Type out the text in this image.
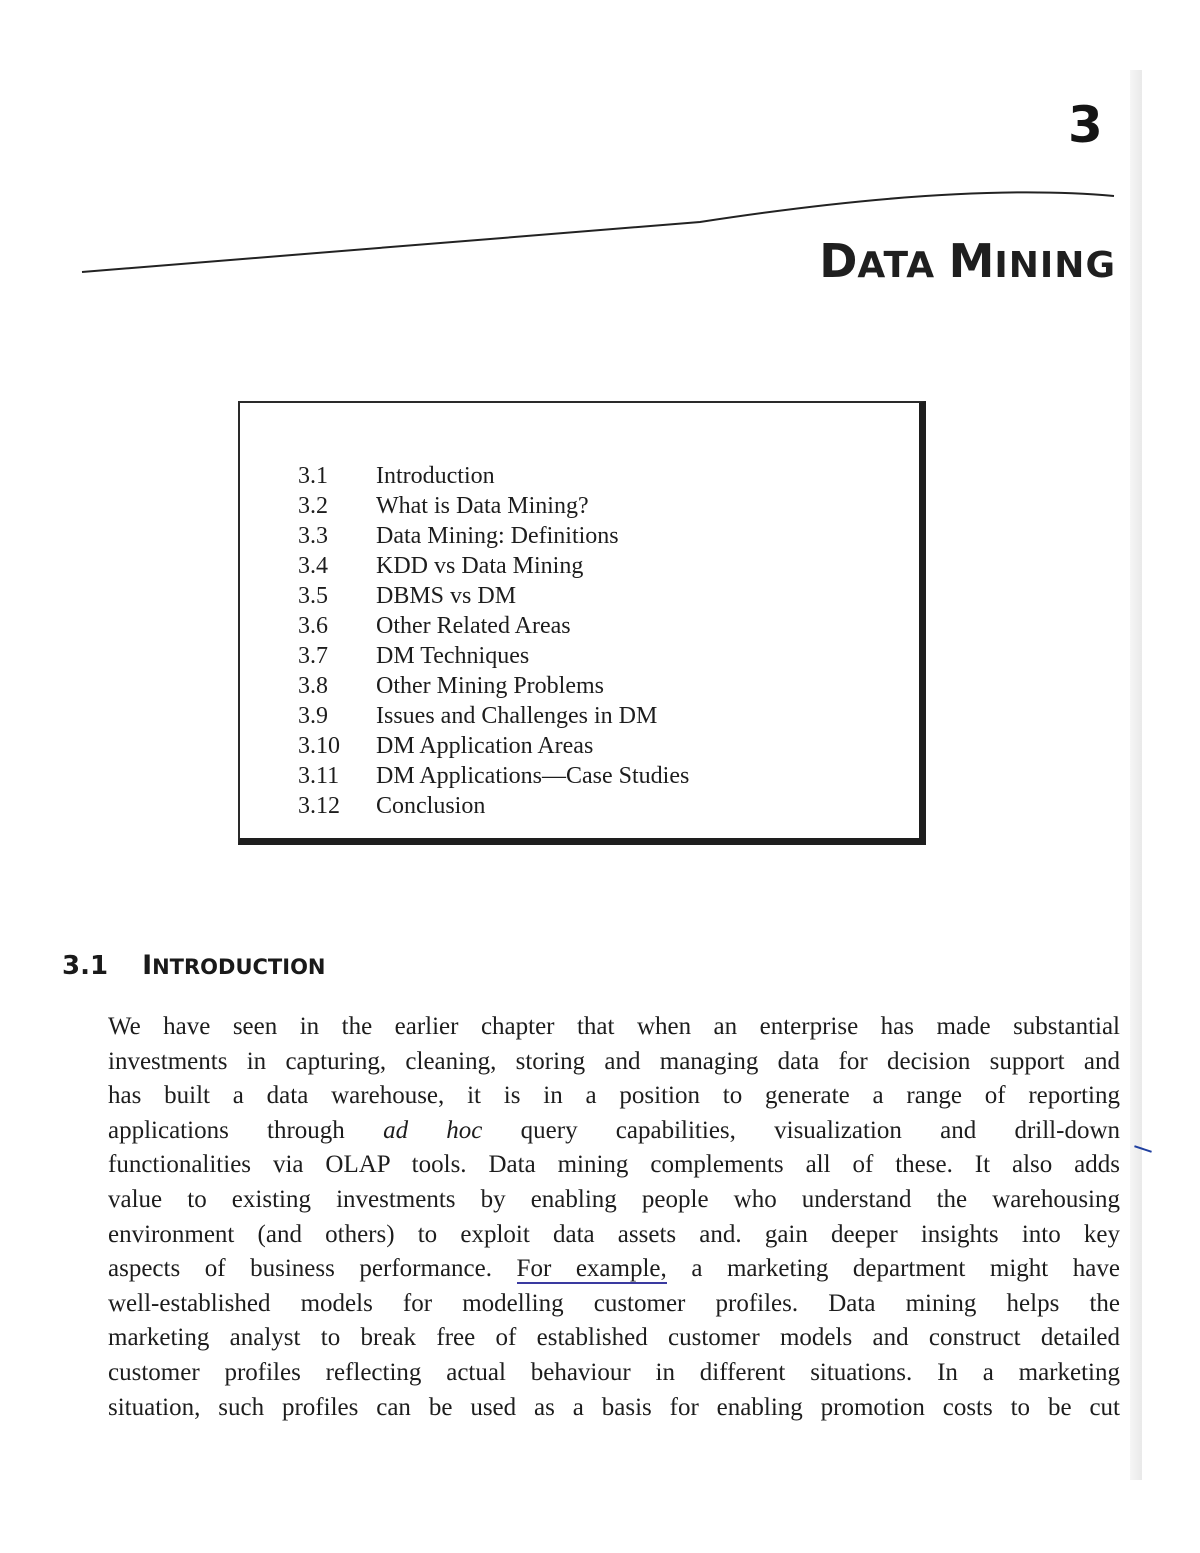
3
DATA MINING
3.1	Introduction
3.2	What is Data Mining?
3.3	Data Mining: Definitions
3.4	KDD vs Data Mining
3.5	DBMS vs DM
3.6	Other Related Areas
3.7	DM Techniques
3.8	Other Mining Problems
3.9	Issues and Challenges in DM
3.10	DM Application Areas
3.11	DM Applications—Case Studies
3.12	Conclusion
3.1 INTRODUCTION
We have seen in the earlier chapter that when an enterprise has made substantial
investments in capturing, cleaning, storing and managing data for decision support and
has built a data warehouse, it is in a position to generate a range of reporting
applications through ad hoc query capabilities, visualization and drill-down
functionalities via OLAP tools. Data mining complements all of these. It also adds
value to existing investments by enabling people who understand the warehousing
environment (and others) to exploit data assets and. gain deeper insights into key
aspects of business performance. For example, a marketing department might have
well-established models for modelling customer profiles. Data mining helps the
marketing analyst to break free of established customer models and construct detailed
customer profiles reflecting actual behaviour in different situations. In a marketing
situation, such profiles can be used as a basis for enabling promotion costs to be cut
